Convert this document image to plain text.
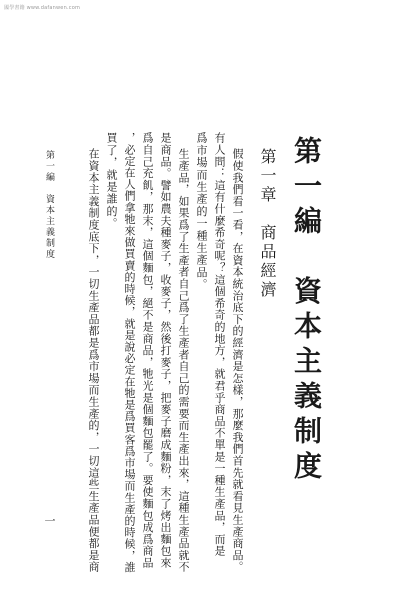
國學書籍 www.dafanwen.com
第一編　資本主義制度
第一章　商品經濟
假使我們看一看，在資本統治底下的經濟是怎樣，那麼我們首先就看見生產商品。
有人問：這有什麼希奇呢？這個希奇的地方，就君乎商品不單是一種生產品，而是
爲市場而生產的一種生產品。
生產品，如果爲了生產者自己爲了生產者自己的需要而生產出來，這種生產品就不
是商品。譬如農夫種麥子，收麥子，然後打麥子，把麥子磨成麵粉，末了烤出麵包來
爲自己充飢，那末，這個麵包，絕不是商品，牠光是個麵包罷了。要使麵包成爲商品
，必定在人們拿牠來做買賣的時候，就是說必定在牠是爲買客爲市場而生產的時候，誰
買了，就是誰的。
在資本主義制度底下，一切生產品都是爲市場而生產的，一切這些生產品便都是商
第一編　資本主義制度
一
